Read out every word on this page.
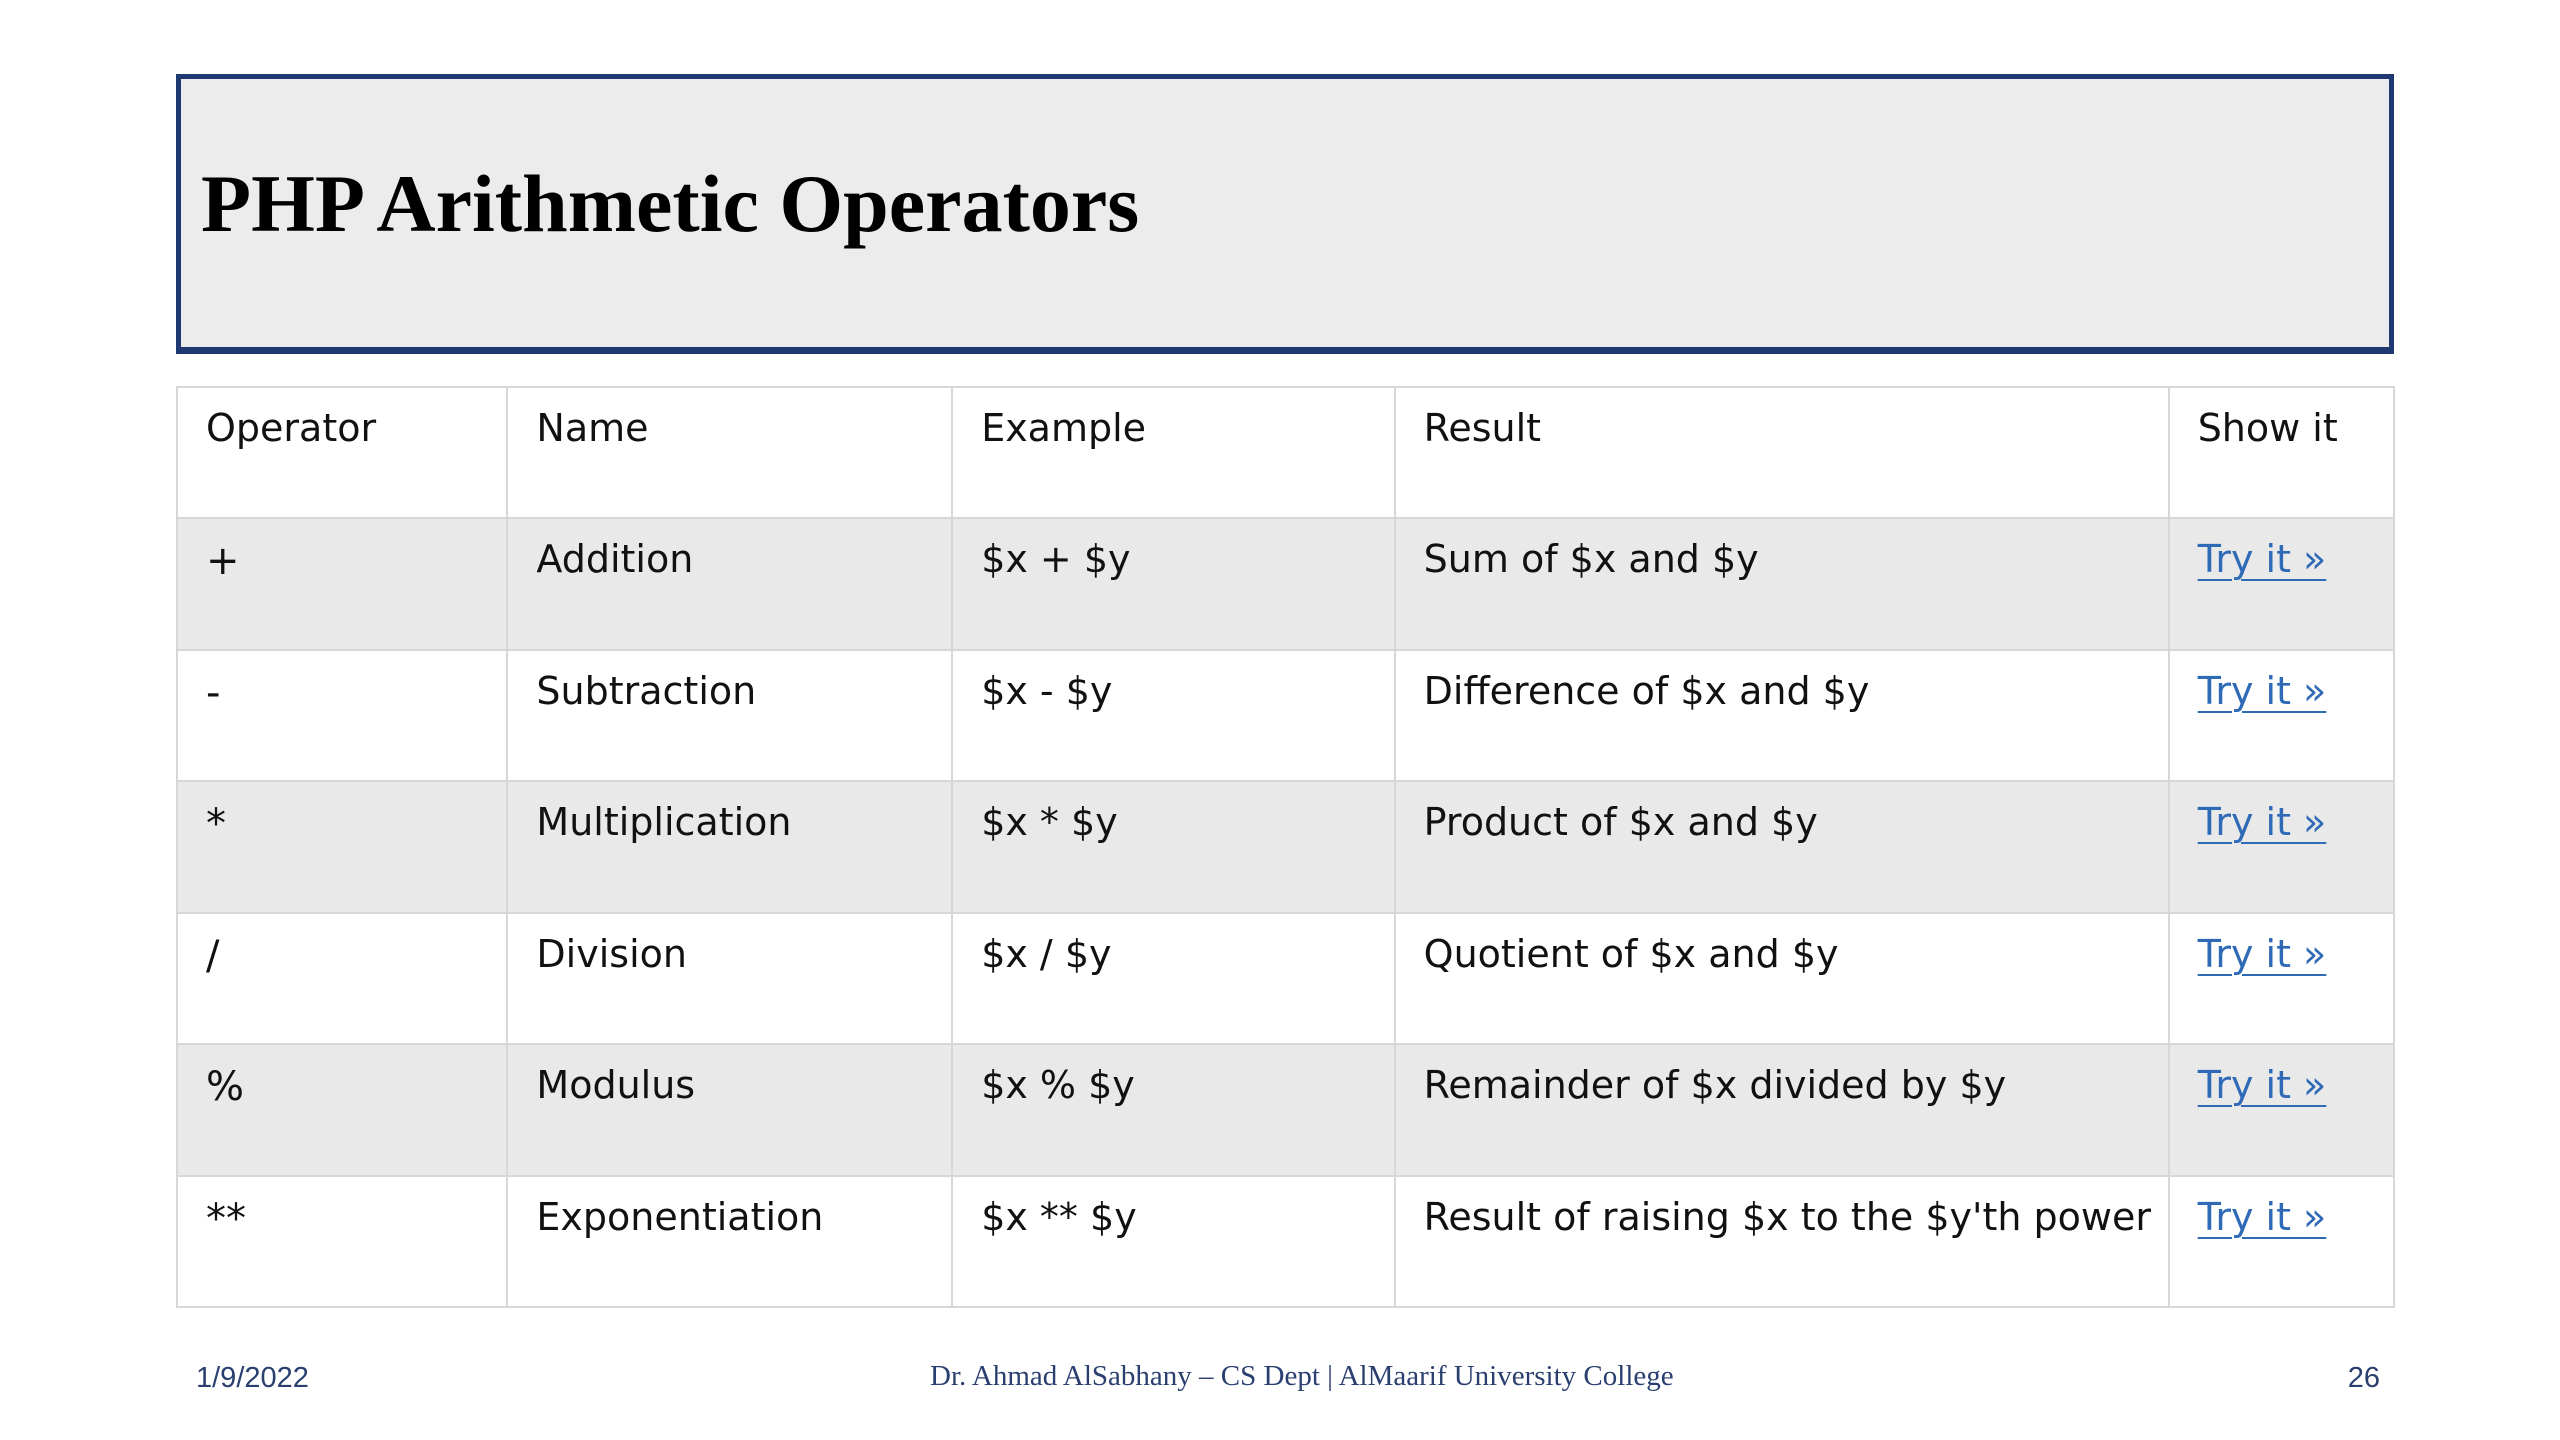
PHP Arithmetic Operators
Operator	Name	Example	Result	Show it

+	Addition	$x + $y	Sum of $x and $y	Try it »

-	Subtraction	$x - $y	Difference of $x and $y	Try it »

*	Multiplication	$x * $y	Product of $x and $y	Try it »

/	Division	$x / $y	Quotient of $x and $y	Try it »

%	Modulus	$x % $y	Remainder of $x divided by $y	Try it »

**	Exponentiation	$x ** $y	Result of raising $x to the $y'th power	Try it »
1/9/2022	Dr. Ahmad AlSabhany – CS Dept | AlMaarif University College	26
